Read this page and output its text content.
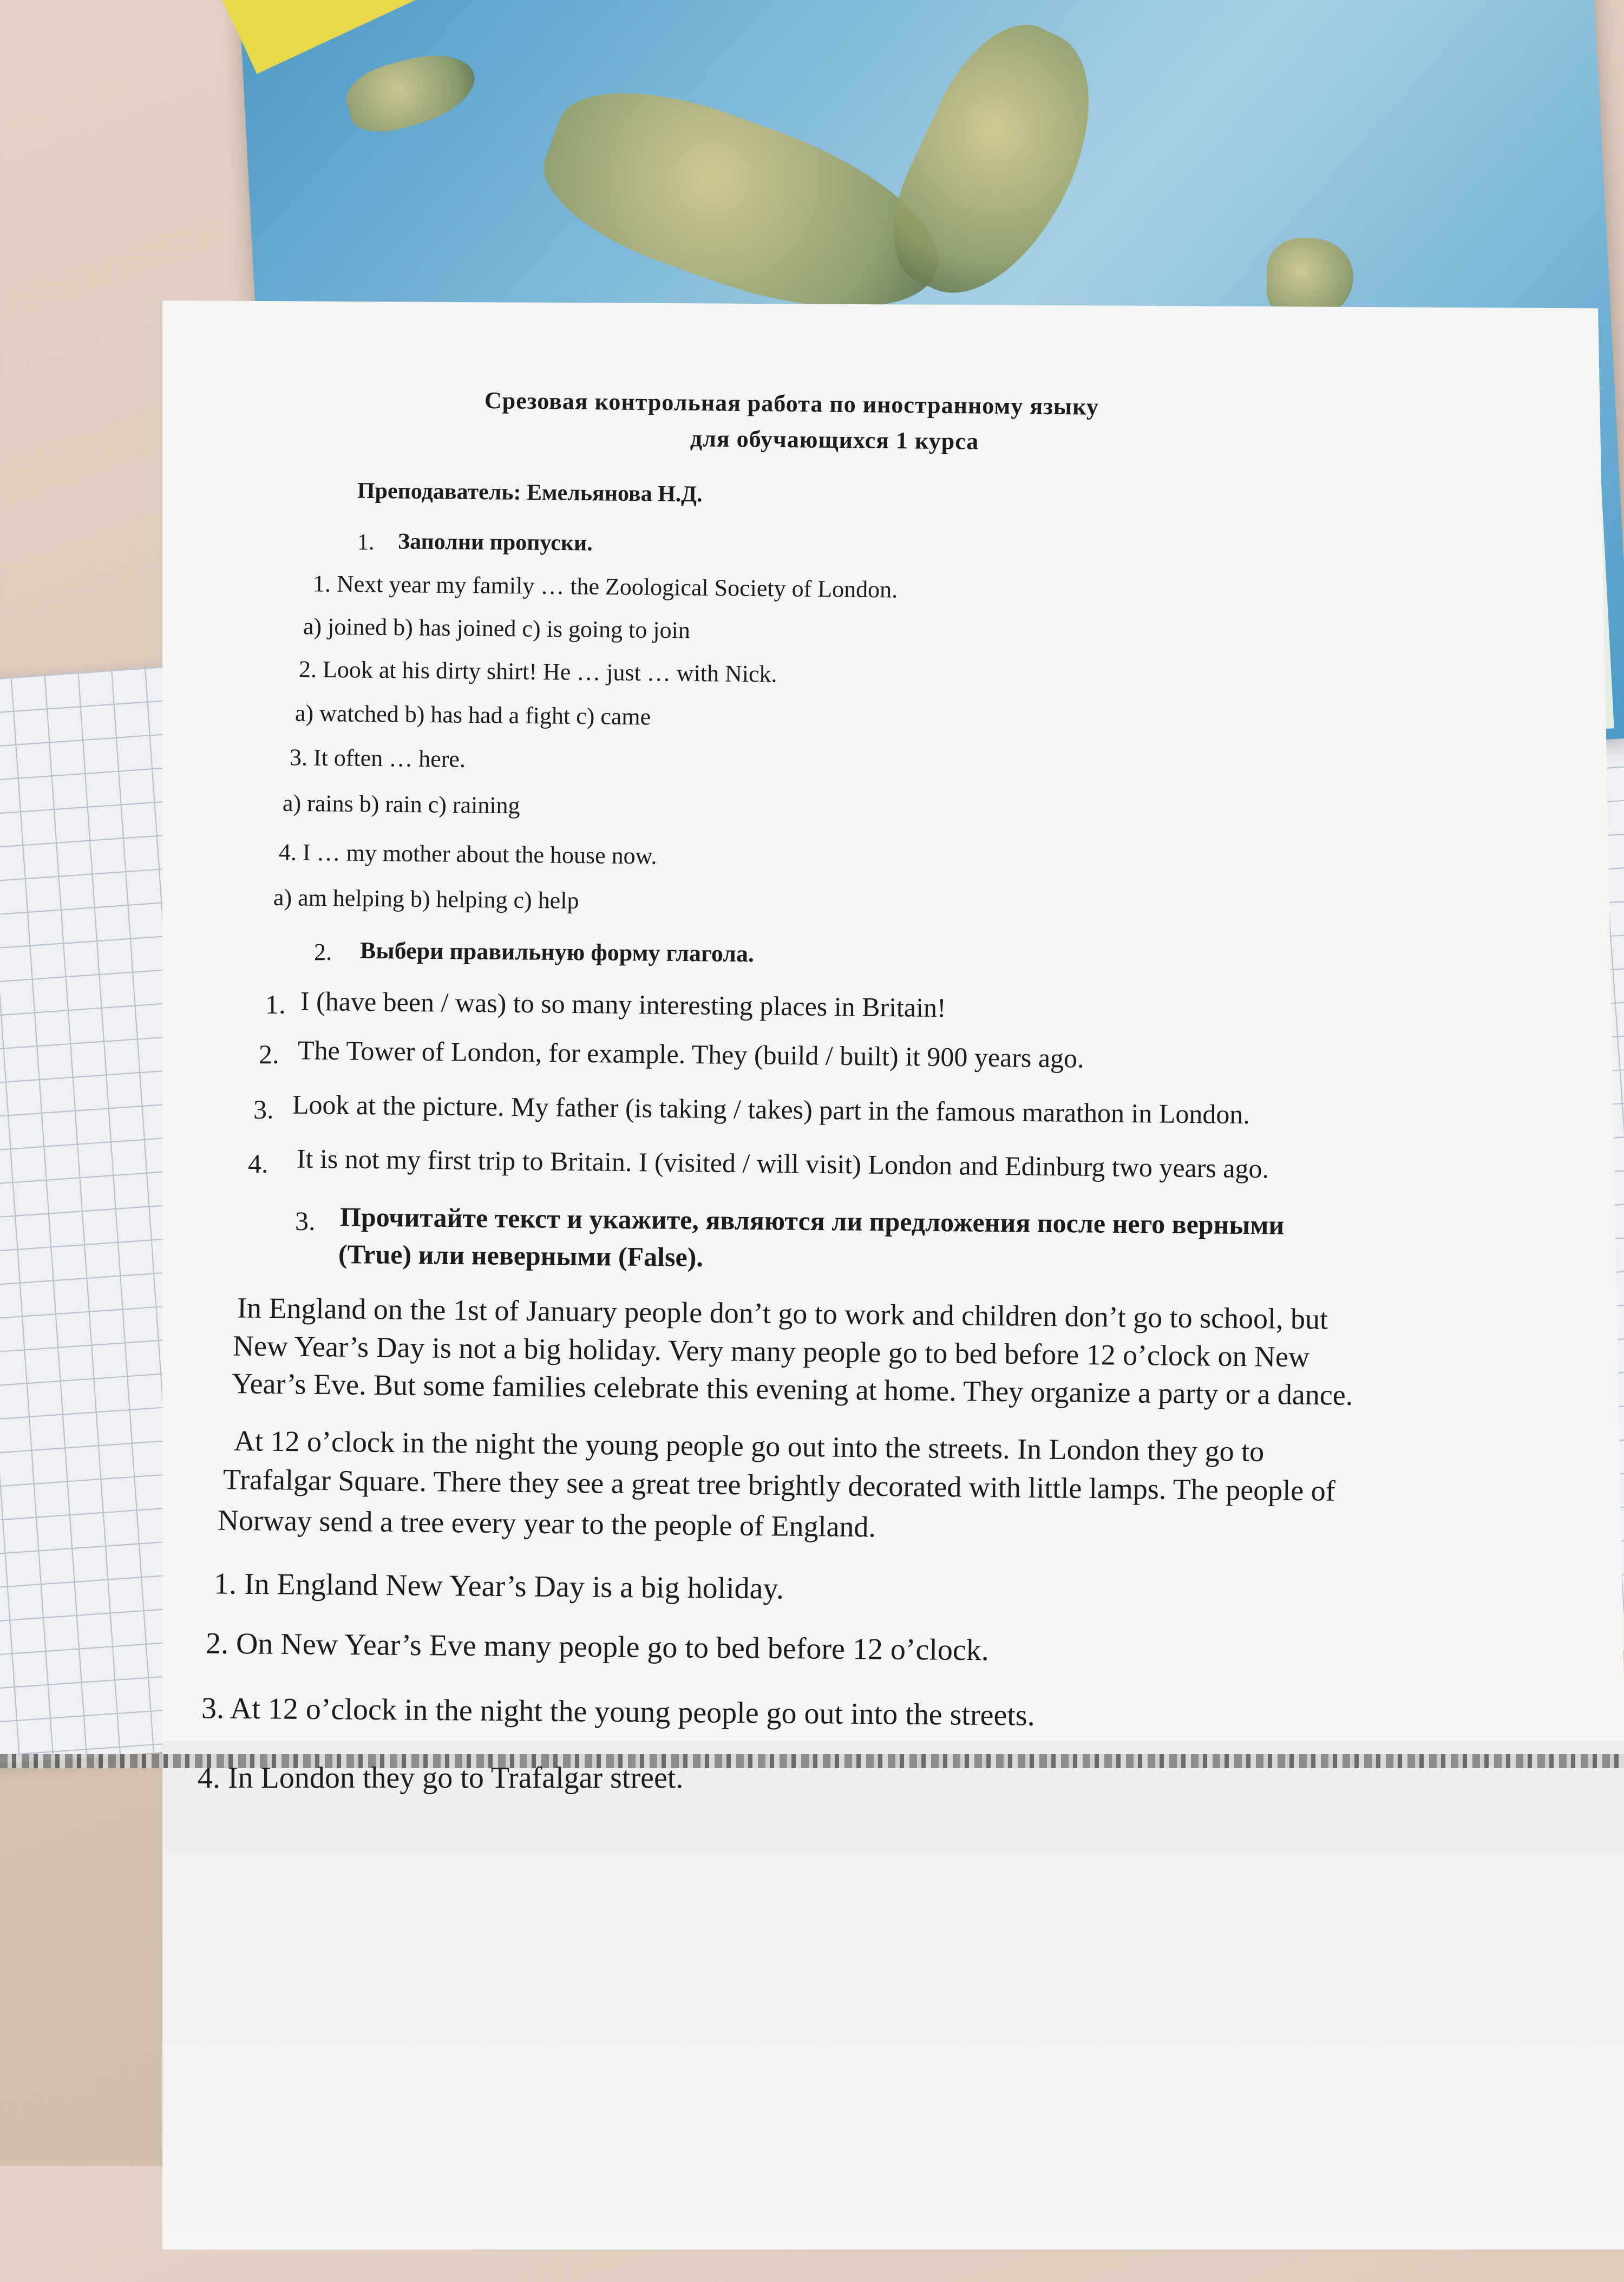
Срезовая контрольная работа по иностранному языку
для обучающихся 1 курса
Преподаватель: Емельянова Н.Д.
1. Заполни пропуски.
1. Next year my family … the Zoological Society of London.
a) joined b) has joined c) is going to join
2. Look at his dirty shirt! He … just … with Nick.
a) watched b) has had a fight c) came
3. It often … here.
a) rains b) rain c) raining
4. I … my mother about the house now.
a) am helping b) helping c) help
2. Выбери правильную форму глагола.
1. I (have been / was) to so many interesting places in Britain!
2. The Tower of London, for example. They (build / built) it 900 years ago.
3. Look at the picture. My father (is taking / takes) part in the famous marathon in London.
4. It is not my first trip to Britain. I (visited / will visit) London and Edinburg two years ago.
3. Прочитайте текст и укажите, являются ли предложения после него верными
(True) или неверными (False).
In England on the 1st of January people don’t go to work and children don’t go to school, but
New Year’s Day is not a big holiday. Very many people go to bed before 12 o’clock on New
Year’s Eve. But some families celebrate this evening at home. They organize a party or a dance.
At 12 o’clock in the night the young people go out into the streets. In London they go to
Trafalgar Square. There they see a great tree brightly decorated with little lamps. The people of
Norway send a tree every year to the people of England.
1. In England New Year’s Day is a big holiday.
2. On New Year’s Eve many people go to bed before 12 o’clock.
3. At 12 o’clock in the night the young people go out into the streets.
4. In London they go to Trafalgar street.
